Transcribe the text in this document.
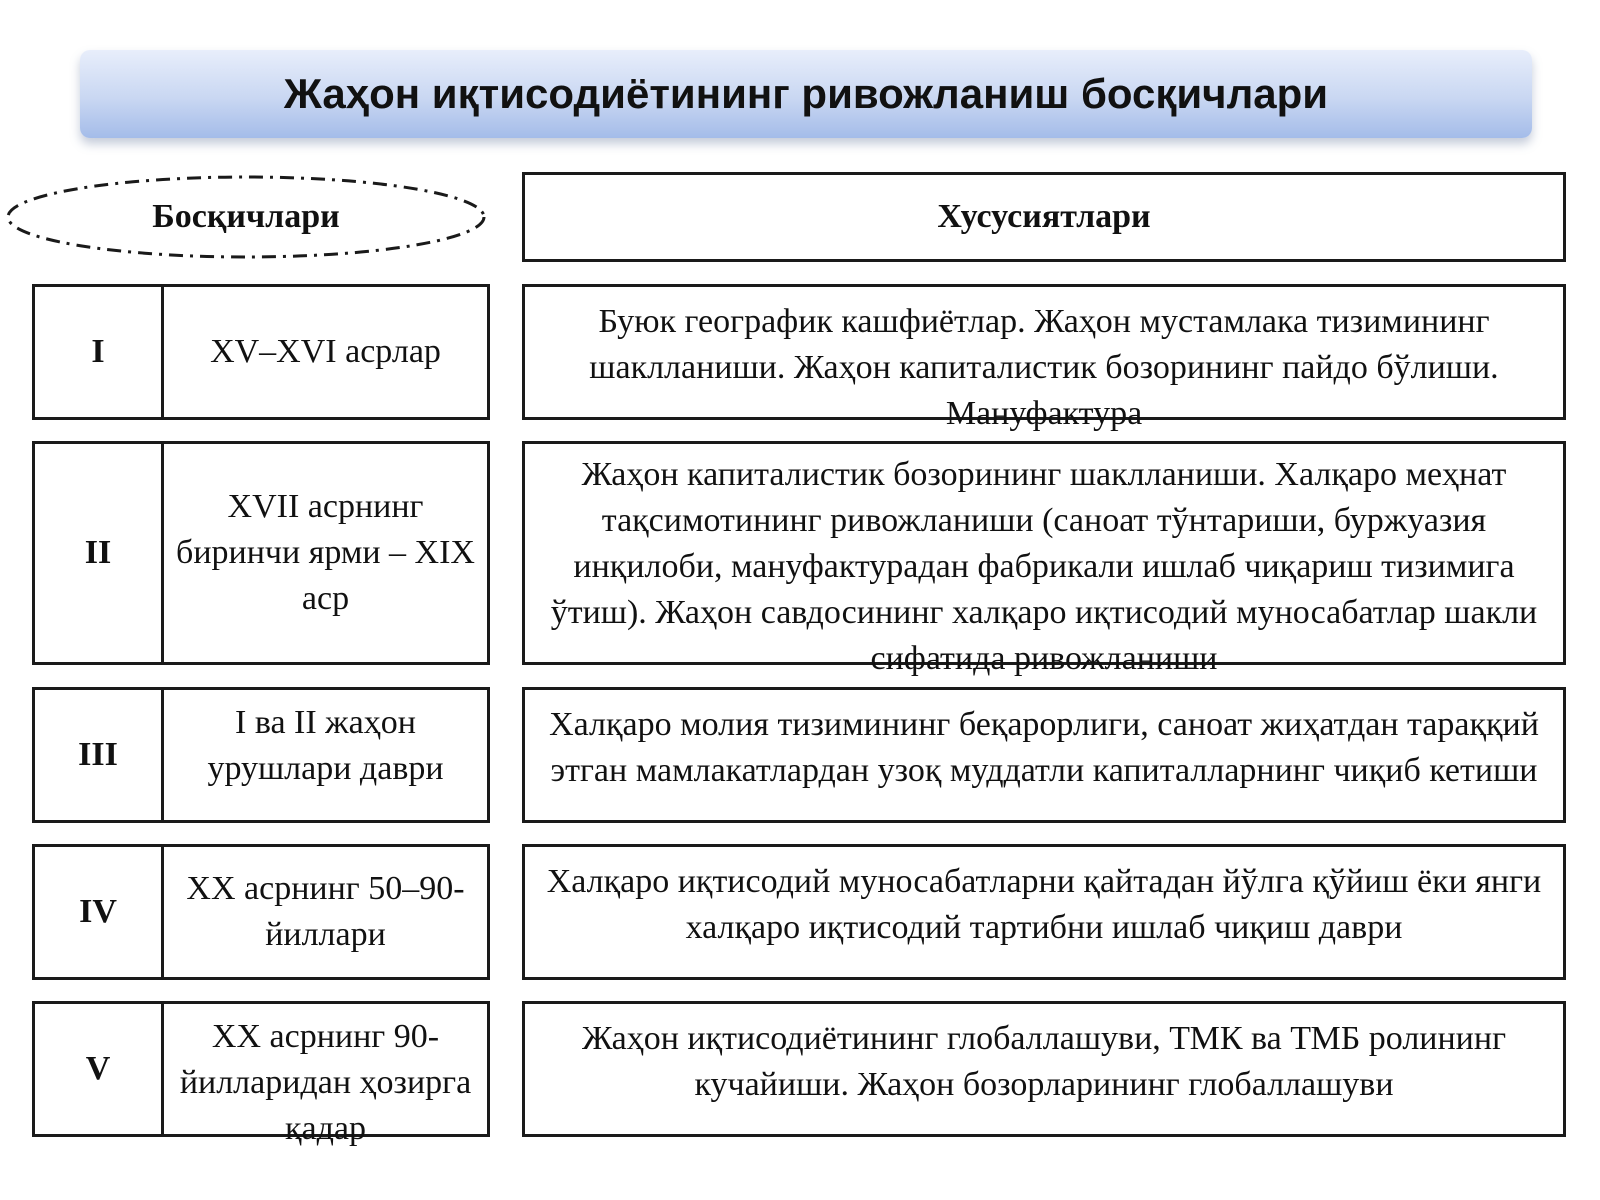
Жаҳон иқтисодиётининг ривожланиш босқичлари
Босқичлари	Хусусиятлари
I	XV–XVI асрлар
Буюк географик кашфиётлар. Жаҳон мустамлака тизимининг шаклланиши. Жаҳон капиталистик бозорининг пайдо бўлиши. Мануфактура
II
XVII асрнинг биринчи ярми – XIX аср
Жаҳон капиталистик бозорининг шаклланиши. Халқаро меҳнат тақсимотининг ривожланиши (саноат тўнтариши, буржуазия инқилоби, мануфактурадан фабрикали ишлаб чиқариш тизимига ўтиш). Жаҳон савдосининг халқаро иқтисодий муносабатлар шакли сифатида ривожланиши
III
I ва II жаҳон урушлари даври
Халқаро молия тизимининг беқарорлиги, саноат жиҳатдан тараққий этган мамлакатлардан узоқ муддатли капиталларнинг чиқиб кетиши
IV
XX асрнинг 50–90-йиллари
Халқаро иқтисодий муносабатларни қайтадан йўлга қўйиш ёки янги халқаро иқтисодий тартибни ишлаб чиқиш даври
V
XX асрнинг 90-йилларидан ҳозирга қадар
Жаҳон иқтисодиётининг глобаллашуви, ТМК ва ТМБ ролининг кучайиши. Жаҳон бозорларининг глобаллашуви
